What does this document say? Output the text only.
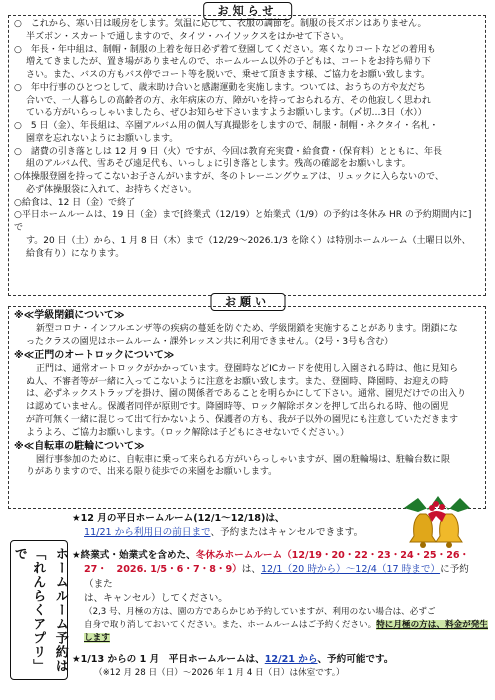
お知らせ

○　これから、寒い日は暖房をします。気温に応じて、衣服の調節を。制服の長ズボンはありません。

半ズボン・スカートで通しますので、タイツ・ハイソックスをはかせて下さい。

○　年長・年中組は、制帽・制服の上着を毎日必ず着て登園してください。寒くなりコートなどの着用も

増えてきましたが、置き場がありませんので、ホームルーム以外の子どもは、コートをお持ち帰り下

さい。また、バスの方もバス停でコート等を脱いで、乗せて頂きます様、ご協力をお願い致します。

○　年中行事のひとつとして、歳末助け合いと感謝運動を実施します。ついては、おうちの方や友だち

合いで、一人暮らしの高齢者の方、永年病床の方、障がいを持っておられる方、その他寂しく思われ

ている方がいらっしゃいましたら、ぜひお知らせ下さいますようお願いします。（〆切…3日（水））

○　5 日（金）、年長組は、卒園アルバム用の個人写真撮影をしますので、制服・制帽・ネクタイ・名札・

園章を忘れないようにお願いします。

○　諸費の引き落としは 12 月 9 日（火）ですが、今回は教育充実費・給食費・（保育料）とともに、年長

組のアルバム代、雪あそび遠足代も、いっしょに引き落とします。残高の確認をお願いします。

○体操服登園を持ってこないお子さんがいますが、冬のトレーニングウェアは、リュックに入らないので、

必ず体操服袋に入れて、お持ちください。

○給食は、12 日（金）で終了

○平日ホームルームは、19 日（金）まで[終業式（12/19）と始業式（1/9）の予約は冬休み HR の予約期間内に]で

す。20 日（土）から、1 月 8 日（木）まで（12/29～2026.1/3 を除く）は特別ホームルーム（土曜日以外、

給食有り）になります。

お願い

※≪学級閉鎖について≫

新型コロナ・インフルエンザ等の疾病の蔓延を防ぐため、学級閉鎖を実施することがあります。閉鎖にな

ったクラスの園児はホームルーム・課外レッスン共に利用できません。（2号・3号も含む）

※≪正門のオートロックについて≫

正門は、通常オートロックがかかっています。登園時などICカードを使用し入園される時は、他に見知ら

ぬ人、不審者等が一緒に入ってこないように注意をお願い致します。また、登園時、降園時、お迎えの時

は、必ずネックストラップを掛け、園の関係者であることを明らかにして下さい。通常、園児だけでの出入り

は認めていません。保護者同伴が原則です。降園時等、ロック解除ボタンを押して出られる時、他の園児

が許可無く一緒に混じって出て行かないよう、保護者の方も、我が子以外の園児にも注意していただきます

ようよろ、ご協力お願いします。（ロック解除は子どもにさせないでください。）

※≪自転車の駐輪について≫

園行事参加のために、自転車に乗って来られる方がいらっしゃいますが、園の駐輪場は、駐輪台数に限

りがありますので、出来る限り徒歩での来園をお願いします。

ホームルーム予約は
「れんらくアプリ」で

★12 月の平日ホームルーム(12/1～12/18)は、

11/21 から利用日の前日まで、予約またはキャンセルできます。

★終業式・始業式を含めた、冬休みホームルーム（12/19・20・22・23・24・25・26・

27・　2026. 1/5・6・7・8・9）は、12/1（20 時から）～12/4（17 時まで）に予約（また

は、キャンセル）してください。

（2,3 号、月極の方は、園の方であらかじめ予約していますが、利用のない場合は、必ずご

自身で取り消しておいてください。また、ホームルームはご予約ください。特に月極の方は、料金が発生します

★1/13 からの 1 月　平日ホームルームは、12/21 から、予約可能です。

（※12 月 28 日（日）～2026 年 1 月 4 日（日）は休室です。）
